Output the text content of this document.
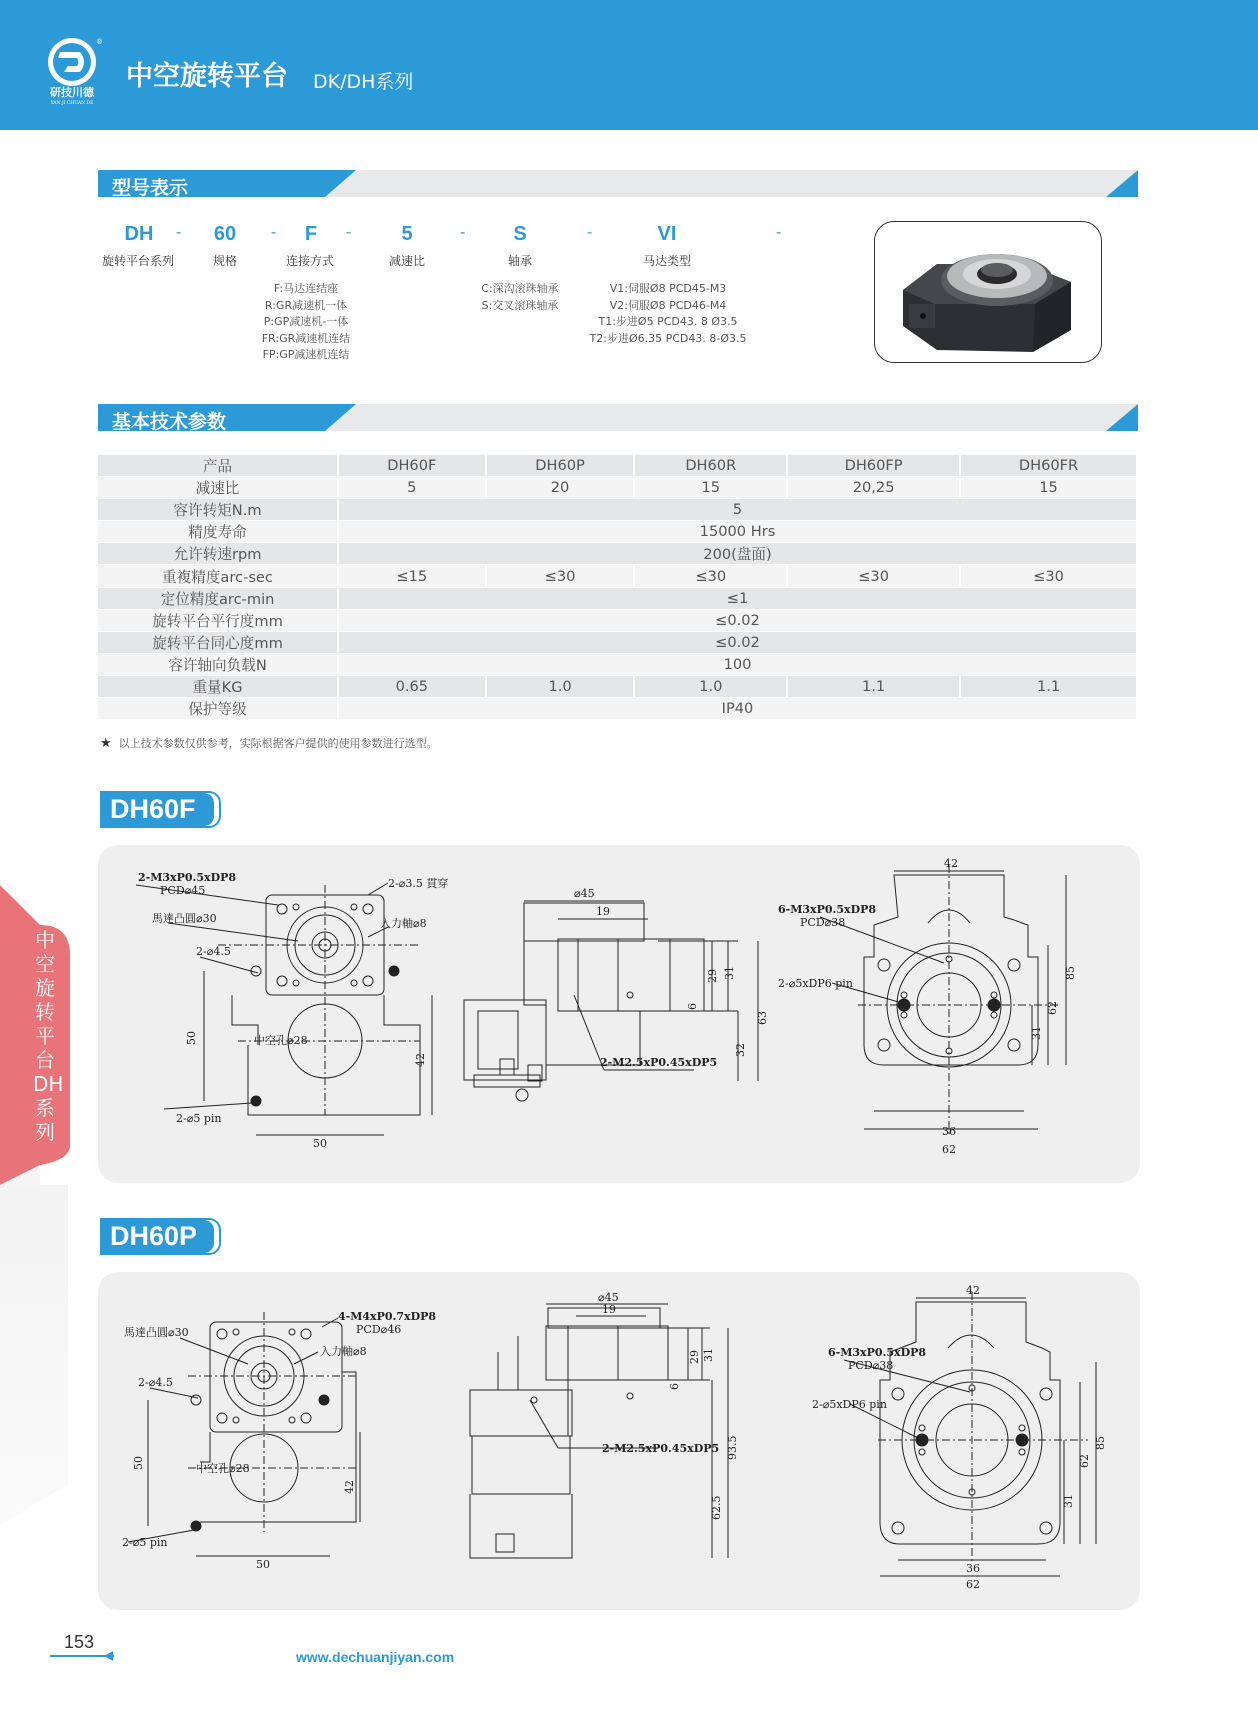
®
研技川德
YAN JI CHUAN DE
中空旋转平台 DK/DH系列
型号表示
DH	60	F	5	S	VI
-	-	-	-	-	-
旋转平台系列	规格	连接方式	减速比	轴承	马达类型
F:马达连结座
R:GR减速机一体
P:GP减速机-一体
FR:GR减速机连结
FP:GP减速机连结
C:深沟滚珠轴承
S:交叉滚珠轴承
V1:伺服Ø8 PCD45-M3
V2:伺服Ø8 PCD46-M4
T1:步进Ø5 PCD43. 8 Ø3.5
T2:步进Ø6.35 PCD43. 8-Ø3.5
基本技术参数
产品	DH60F	DH60P	DH60R	DH60FP	DH60FR
减速比	5	20	15	20,25	15
容许转矩N.m	5				
精度寿命	15000 Hrs				
允许转速rpm	200(盘面)				
重複精度arc-sec	≤15	≤30	≤30	≤30	≤30
定位精度arc-min	≤1				
旋转平台平行度mm	≤0.02				
旋转平台同心度mm	≤0.02				
容许轴向负载N	100				
重量KG	0.65	1.0	1.0	1.1	1.1
保护等级	IP40				
★ 以上技术参数仅供参考，实际根据客户提供的使用参数进行选型。
DH60F
2-M3xP0.5xDP8
PCD⌀45
2-⌀3.5 貫穿
馬達凸圓⌀30	入力軸⌀8
2-⌀4.5
中空孔⌀28
2-⌀5 pin
50
42
50
⌀45
19
29 31
6
63
32
2-M2.5xP0.45xDP5
42
6-M3xP0.5xDP8
PCD⌀38
2-⌀5xDP6 pin
85
62
31
36
62
DH60P
馬達凸圓⌀30
4-M4xP0.7xDP8
PCD⌀46
入力軸⌀8
2-⌀4.5
中空孔⌀28
2-⌀5 pin
50
42
50
⌀45
19
29 31
6
93.5
62.5
2-M2.5xP0.45xDP5
42
6-M3xP0.5xDP8
PCD⌀38
2-⌀5xDP6 pin
85
62
31
36
62
中空旋转平台DH系列
153
www.dechuanjiyan.com
